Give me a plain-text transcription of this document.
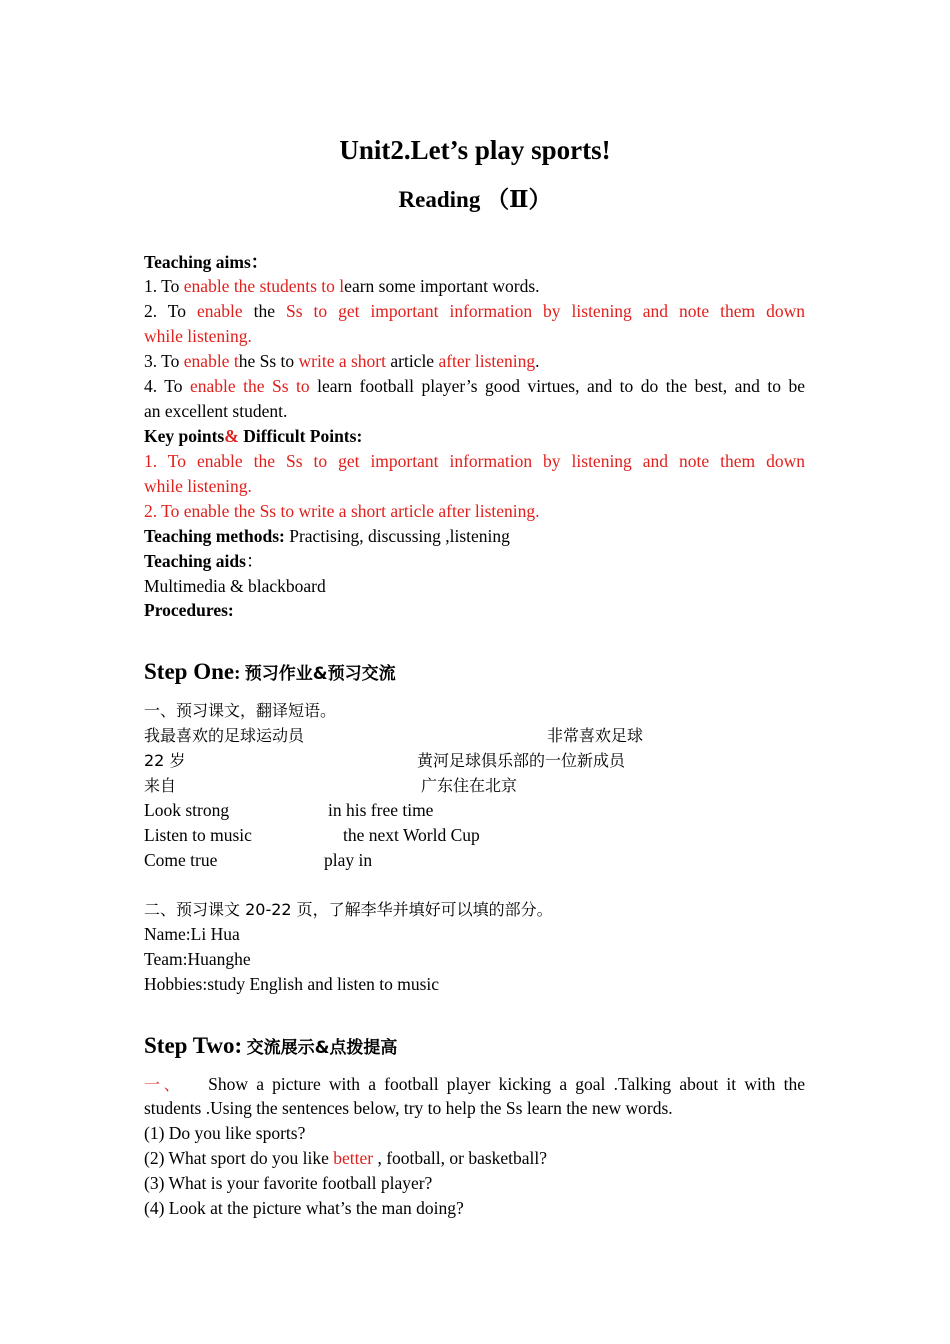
Unit2.Let’s play sports!
Reading （Ⅱ）
Teaching aims：
1. To enable the students to learn some important words.
2. To enable the Ss to get important information by listening and note them down
while listening.
3. To enable the Ss to write a short article after listening.
4. To enable the Ss to learn football player’s good virtues, and to do the best, and to be
an excellent student.
Key points& Difficult Points:
1. To enable the Ss to get important information by listening and note them down
while listening.
2. To enable the Ss to write a short article after listening.
Teaching methods: Practising, discussing ,listening
Teaching aids：
Multimedia & blackboard
Procedures:
Step One: 预习作业&预习交流
一、预习课文，翻译短语。
我最喜欢的足球运动员	非常喜欢足球
22 岁	黄河足球俱乐部的一位新成员
来自	广东住在北京
Look strong	in his free time
Listen to music	the next World Cup
Come true	play in
二、预习课文 20-22 页，了解李华并填好可以填的部分。
Name:Li Hua
Team:Huanghe
Hobbies:study English and listen to music
Step Two: 交流展示&点拨提高
一、 Show a picture with a football player kicking a goal .Talking about it with the
students .Using the sentences below, try to help the Ss learn the new words.
(1) Do you like sports?
(2) What sport do you like better , football, or basketball?
(3) What is your favorite football player?
(4) Look at the picture what’s the man doing?
